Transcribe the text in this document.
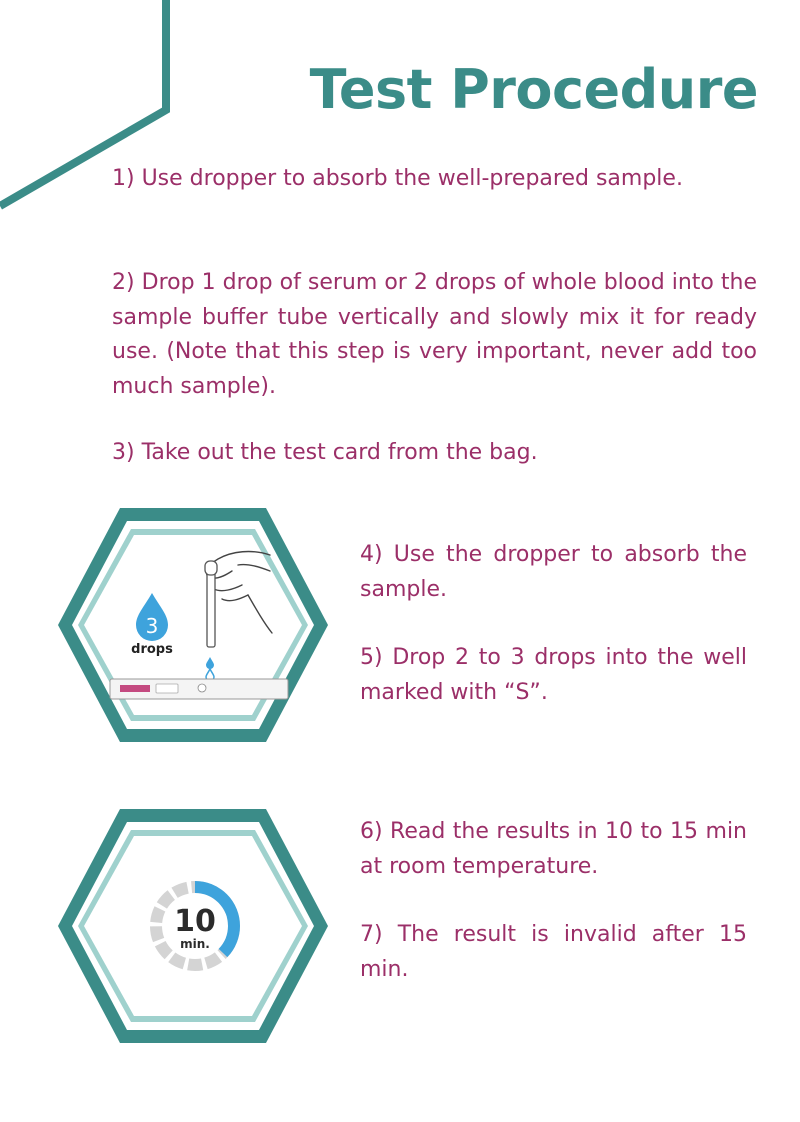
Test Procedure

1) Use dropper to absorb the well-prepared sample.

2) Drop 1 drop of serum or 2 drops of whole blood into the sample buffer tube vertically and slowly mix it for ready use. (Note that this step is very important, never add too much sample).

3) Take out the test card from the bag.

3
drops

4) Use the dropper to absorb the sample.

5) Drop 2 to 3 drops into the well marked with “S”.

10
min.

6) Read the results in 10 to 15 min at room temperature.

7) The result is invalid after 15 min.
